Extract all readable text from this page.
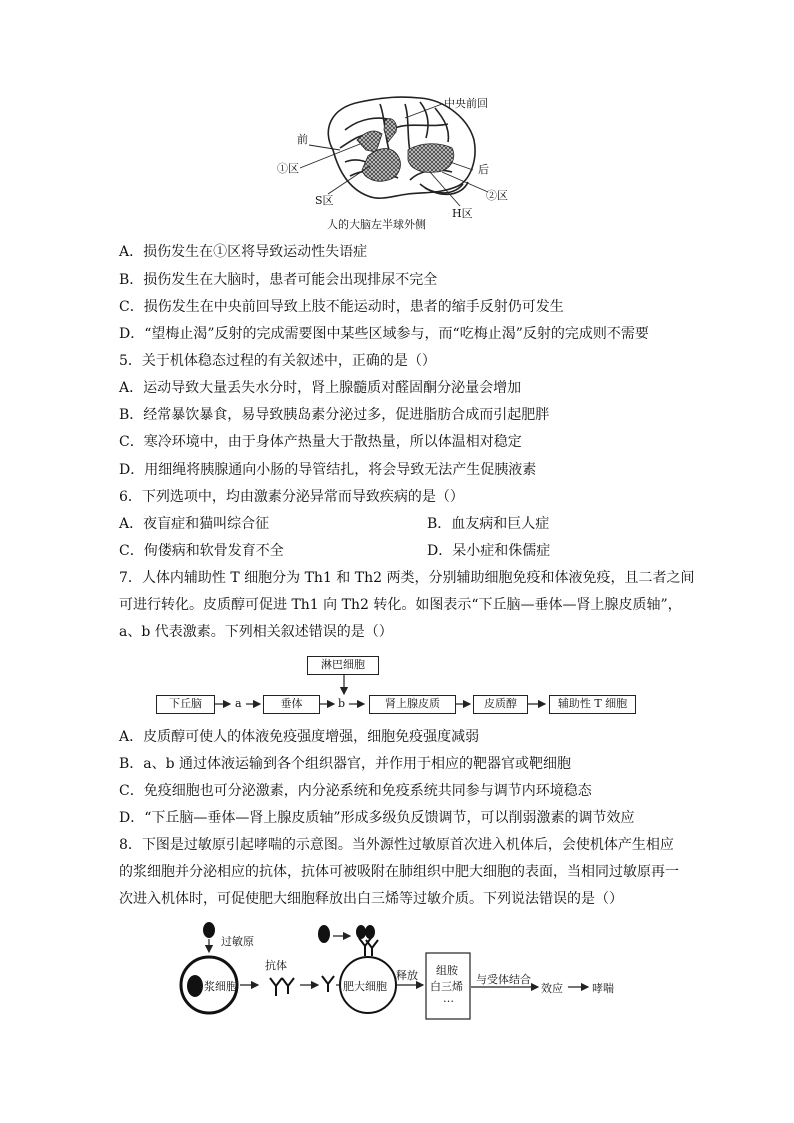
中央前回
前
①区
S区
后
②区
H区
人的大脑左半球外侧
A．损伤发生在①区将导致运动性失语症
B．损伤发生在大脑时，患者可能会出现排尿不完全
C．损伤发生在中央前回导致上肢不能运动时，患者的缩手反射仍可发生
D．“望梅止渴”反射的完成需要图中某些区域参与，而“吃梅止渴”反射的完成则不需要
5．关于机体稳态过程的有关叙述中，正确的是（）
A．运动导致大量丢失水分时，肾上腺髓质对醛固酮分泌量会增加
B．经常暴饮暴食，易导致胰岛素分泌过多，促进脂肪合成而引起肥胖
C．寒冷环境中，由于身体产热量大于散热量，所以体温相对稳定
D．用细绳将胰腺通向小肠的导管结扎，将会导致无法产生促胰液素
6．下列选项中，均由激素分泌异常而导致疾病的是（）
A．夜盲症和猫叫综合征	B．血友病和巨人症
C．佝偻病和软骨发育不全	D．呆小症和侏儒症
7．人体内辅助性 T 细胞分为 Th1 和 Th2 两类，分别辅助细胞免疫和体液免疫，且二者之间
可进行转化。皮质醇可促进 Th1 向 Th2 转化。如图表示“下丘脑—垂体—肾上腺皮质轴”，
a、b 代表激素。下列相关叙述错误的是（）
淋巴细胞
下丘脑	a	垂体	b	肾上腺皮质	皮质醇	辅助性 T 细胞
A．皮质醇可使人的体液免疫强度增强，细胞免疫强度减弱
B．a、b 通过体液运输到各个组织器官，并作用于相应的靶器官或靶细胞
C．免疫细胞也可分泌激素，内分泌系统和免疫系统共同参与调节内环境稳态
D．“下丘脑—垂体—肾上腺皮质轴”形成多级负反馈调节，可以削弱激素的调节效应
8．下图是过敏原引起哮喘的示意图。当外源性过敏原首次进入机体后，会使机体产生相应
的浆细胞并分泌相应的抗体，抗体可被吸附在肺组织中肥大细胞的表面，当相同过敏原再一
次进入机体时，可促使肥大细胞释放出白三烯等过敏介质。下列说法错误的是（）
过敏原
浆细胞
抗体
肥大细胞
释放 组胺
白三烯
…
与受体结合
效应	哮喘
